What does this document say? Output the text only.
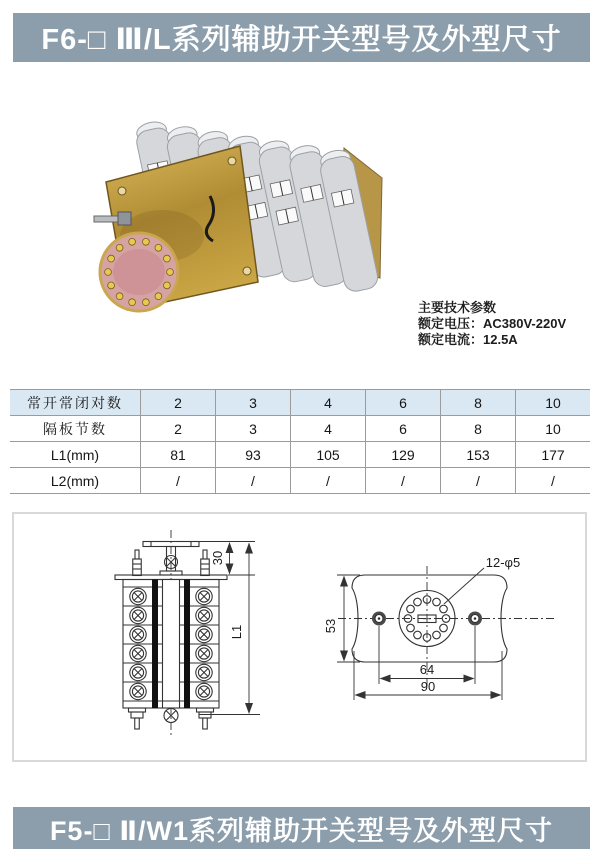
F6-□ Ⅲ/L系列辅助开关型号及外型尺寸
主要技术参数
额定电压：AC380V-220V
额定电流：12.5A
常开常闭对数	2	3	4	6	8	10
隔板节数	2	3	4	6	8	10
L1(mm)	81	93	105	129	153	177
L2(mm)	/	/	/	/	/	/
30
L1
12-φ5
53
64
90
F5-□ Ⅱ/W1系列辅助开关型号及外型尺寸
